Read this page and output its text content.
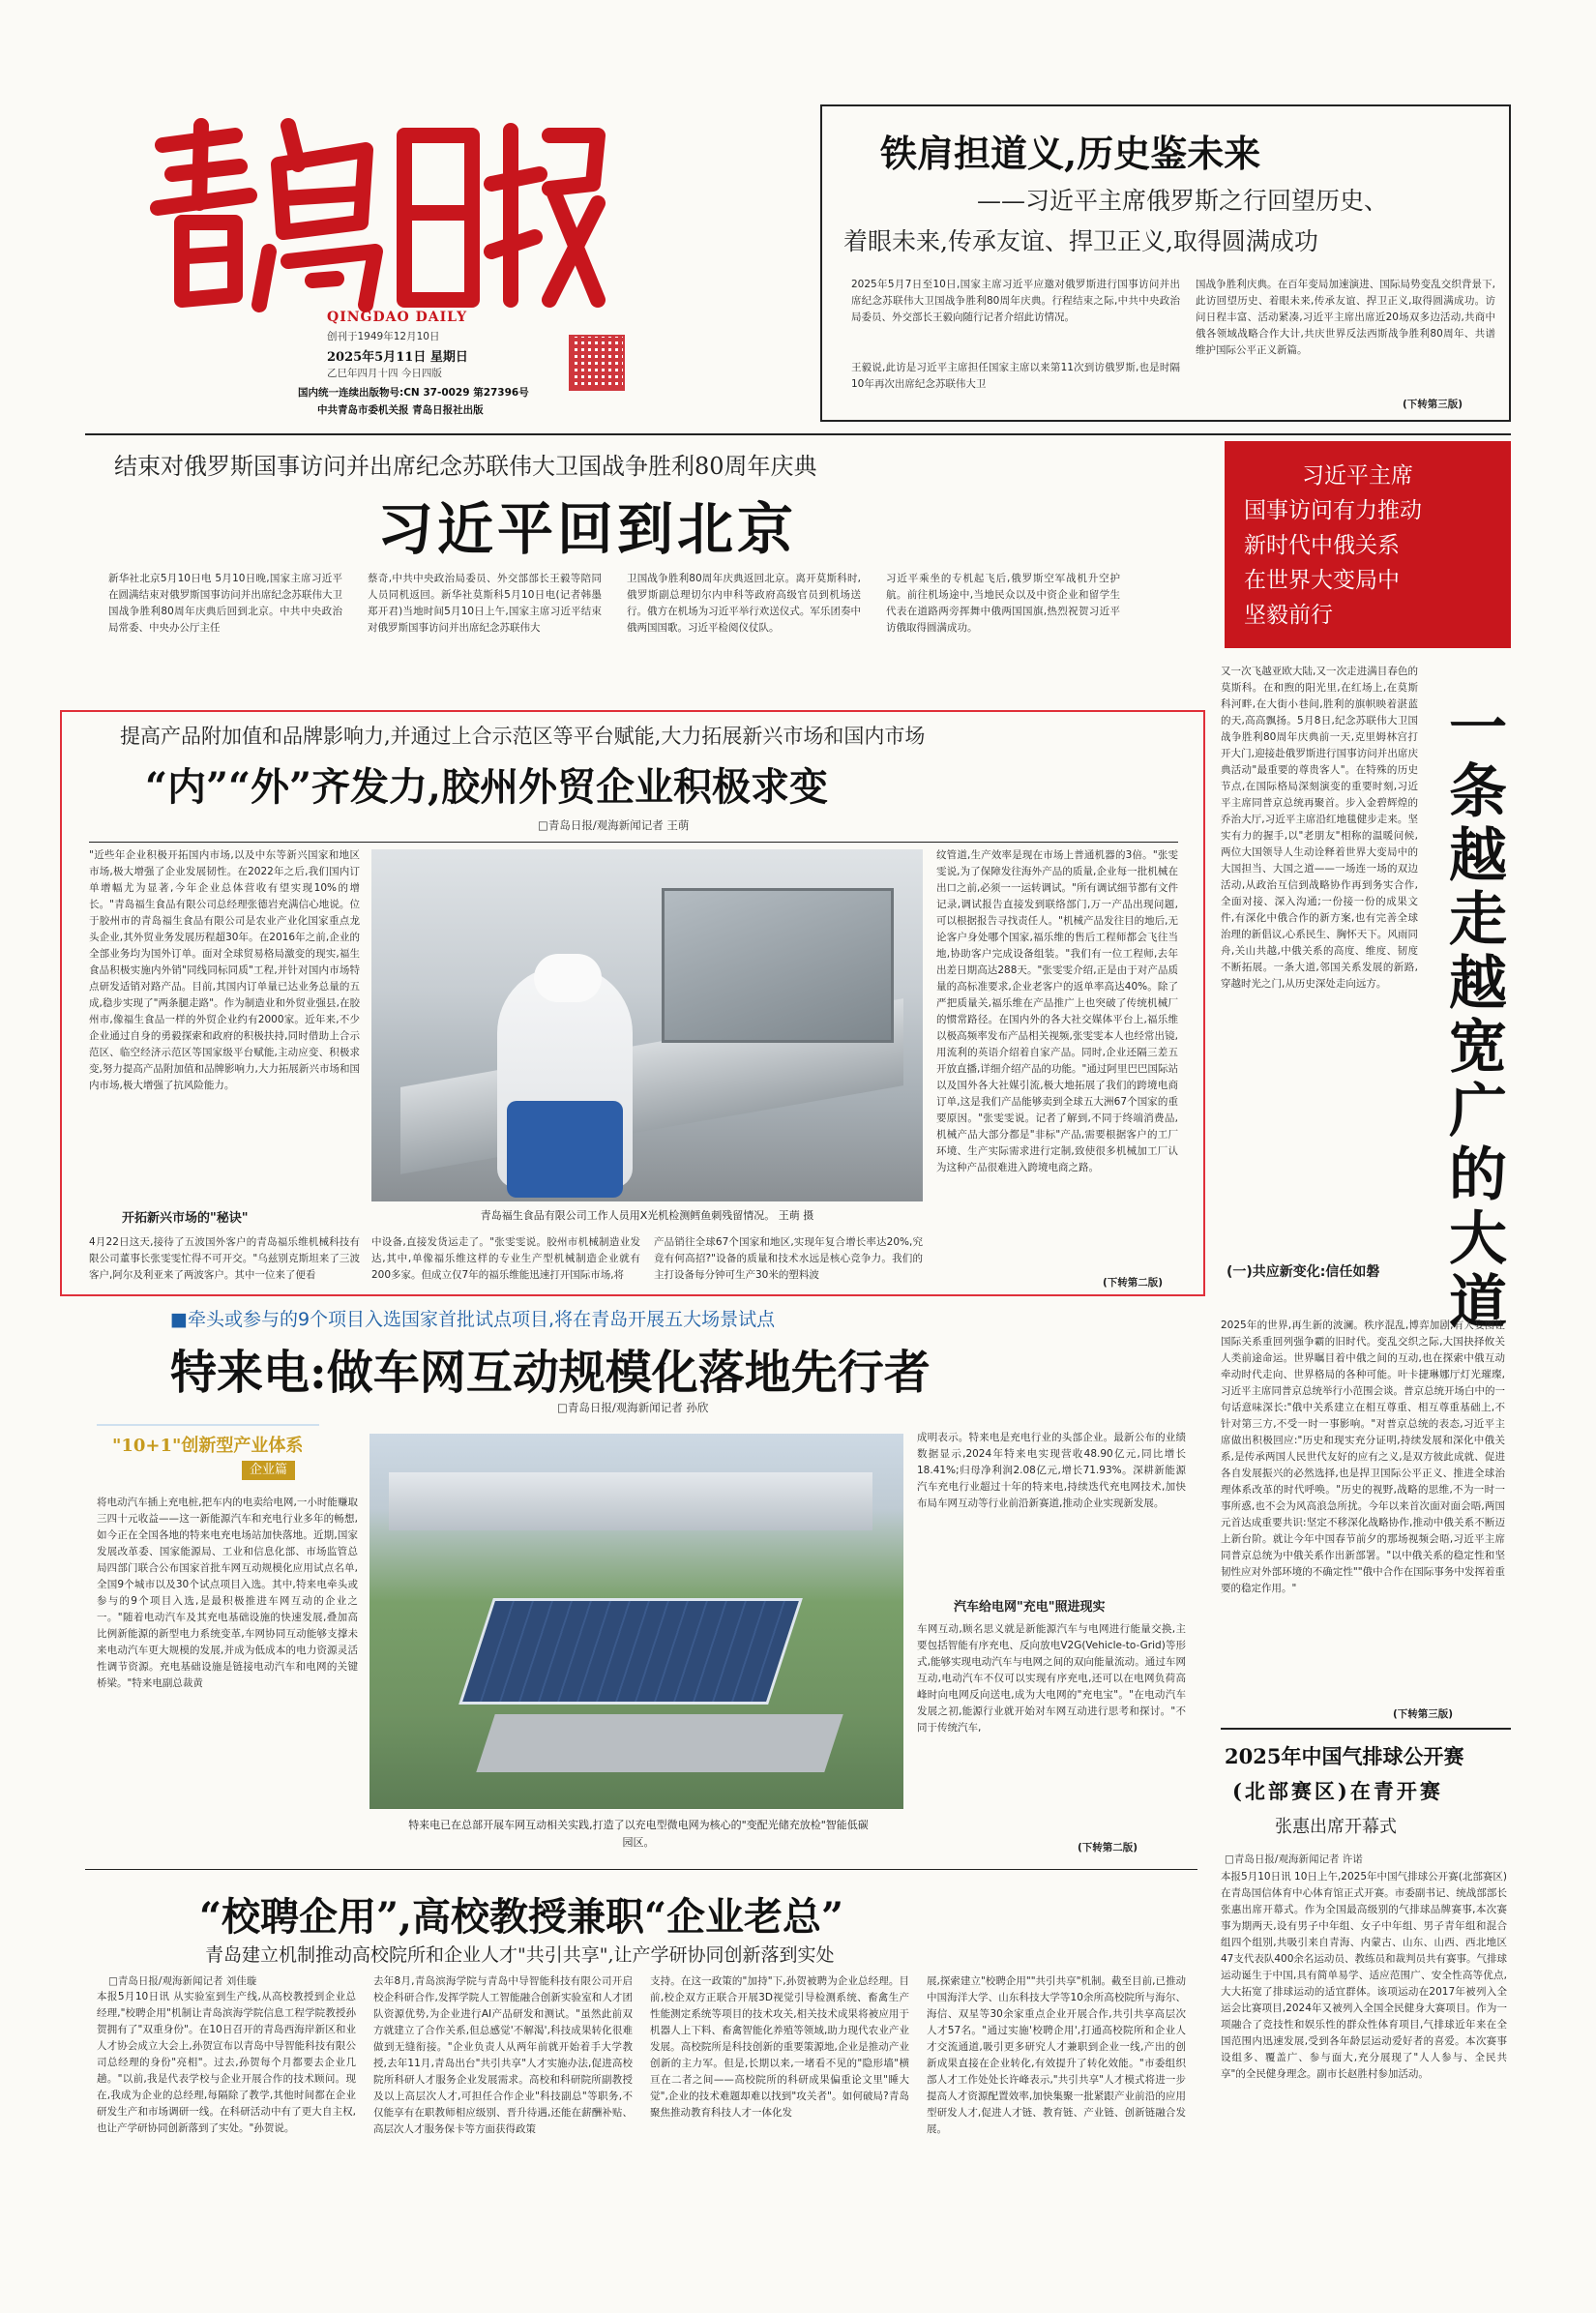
QINGDAO DAILY
创刊于1949年12月10日
2025年5月11日 星期日
乙巳年四月十四 今日四版
国内统一连续出版物号:CN 37-0029 第27396号
中共青岛市委机关报 青岛日报社出版
铁肩担道义,历史鉴未来
——习近平主席俄罗斯之行回望历史、
着眼未来,传承友谊、捍卫正义,取得圆满成功
2025年5月7日至10日,国家主席习近平应邀对俄罗斯进行国事访问并出席纪念苏联伟大卫国战争胜利80周年庆典。行程结束之际,中共中央政治局委员、外交部长王毅向随行记者介绍此访情况。
王毅说,此访是习近平主席担任国家主席以来第11次到访俄罗斯,也是时隔10年再次出席纪念苏联伟大卫
国战争胜利庆典。在百年变局加速演进、国际局势变乱交织背景下,此访回望历史、着眼未来,传承友谊、捍卫正义,取得圆满成功。访问日程丰富、活动紧凑,习近平主席出席近20场双多边活动,共商中俄各领域战略合作大计,共庆世界反法西斯战争胜利80周年、共谱维护国际公平正义新篇。
(下转第三版)
结束对俄罗斯国事访问并出席纪念苏联伟大卫国战争胜利80周年庆典
习近平回到北京
新华社北京5月10日电 5月10日晚,国家主席习近平在圆满结束对俄罗斯国事访问并出席纪念苏联伟大卫国战争胜利80周年庆典后回到北京。中共中央政治局常委、中央办公厅主任
蔡奇,中共中央政治局委员、外交部部长王毅等陪同人员同机返回。新华社莫斯科5月10日电(记者韩墨 郑开君)当地时间5月10日上午,国家主席习近平结束对俄罗斯国事访问并出席纪念苏联伟大
卫国战争胜利80周年庆典返回北京。离开莫斯科时,俄罗斯副总理切尔内申科等政府高级官员到机场送行。俄方在机场为习近平举行欢送仪式。军乐团奏中俄两国国歌。习近平检阅仪仗队。
习近平乘坐的专机起飞后,俄罗斯空军战机升空护航。前往机场途中,当地民众以及中资企业和留学生代表在道路两旁挥舞中俄两国国旗,热烈祝贺习近平访俄取得圆满成功。
习近平主席
国事访问有力推动
新时代中俄关系
在世界大变局中
坚毅前行
一条越走越宽广的大道
又一次飞越亚欧大陆,又一次走进满目春色的莫斯科。在和煦的阳光里,在红场上,在莫斯科河畔,在大街小巷间,胜利的旗帜映着湛蓝的天,高高飘扬。5月8日,纪念苏联伟大卫国战争胜利80周年庆典前一天,克里姆林宫打开大门,迎接赴俄罗斯进行国事访问并出席庆典活动"最重要的尊贵客人"。在特殊的历史节点,在国际格局深刻演变的重要时刻,习近平主席同普京总统再聚首。步入金碧辉煌的乔治大厅,习近平主席沿红地毯健步走来。坚实有力的握手,以"老朋友"相称的温暖问候,两位大国领导人生动诠释着世界大变局中的大国担当、大国之道——一场连一场的双边活动,从政治互信到战略协作再到务实合作,全面对接、深入沟通;一份接一份的成果文件,有深化中俄合作的新方案,也有完善全球治理的新倡议,心系民生、胸怀天下。风雨同舟,关山共越,中俄关系的高度、维度、韧度不断拓展。一条大道,邻国关系发展的新路,穿越时光之门,从历史深处走向远方。
(一)共应新变化:信任如磐
2025年的世界,再生新的波澜。秩序混乱,博弈加剧,有人妄图让国际关系重回列强争霸的旧时代。变乱交织之际,大国抉择攸关人类前途命运。世界瞩目着中俄之间的互动,也在探索中俄互动牵动时代走向、世界格局的各种可能。叶卡捷琳娜厅灯光璀璨,习近平主席同普京总统举行小范围会谈。普京总统开场白中的一句话意味深长:"俄中关系建立在相互尊重、相互尊重基础上,不针对第三方,不受一时一事影响。"对普京总统的表态,习近平主席做出积极回应:"历史和现实充分证明,持续发展和深化中俄关系,是传承两国人民世代友好的应有之义,是双方彼此成就、促进各自发展振兴的必然选择,也是捍卫国际公平正义、推进全球治理体系改革的时代呼唤。"历史的视野,战略的思维,不为一时一事所惑,也不会为风高浪急所扰。今年以来首次面对面会晤,两国元首达成重要共识:坚定不移深化战略协作,推动中俄关系不断迈上新台阶。就让今年中国春节前夕的那场视频会晤,习近平主席同普京总统为中俄关系作出新部署。"以中俄关系的稳定性和坚韧性应对外部环境的不确定性""俄中合作在国际事务中发挥着重要的稳定作用。"
(下转第三版)
提高产品附加值和品牌影响力,并通过上合示范区等平台赋能,大力拓展新兴市场和国内市场
“内”“外”齐发力,胶州外贸企业积极求变
□青岛日报/观海新闻记者 王萌
"近些年企业积极开拓国内市场,以及中东等新兴国家和地区市场,极大增强了企业发展韧性。在2022年之后,我们国内订单增幅尤为显著,今年企业总体营收有望实现10%的增长。"青岛福生食品有限公司总经理张德岩充满信心地说。位于胶州市的青岛福生食品有限公司是农业产业化国家重点龙头企业,其外贸业务发展历程超30年。在2016年之前,企业的全部业务均为国外订单。面对全球贸易格局激变的现实,福生食品积极实施内外销"同线同标同质"工程,并针对国内市场特点研发适销对路产品。目前,其国内订单量已达业务总量的五成,稳步实现了"两条腿走路"。作为制造业和外贸业强县,在胶州市,像福生食品一样的外贸企业约有2000家。近年来,不少企业通过自身的勇毅探索和政府的积极扶持,同时借助上合示范区、临空经济示范区等国家级平台赋能,主动应变、积极求变,努力提高产品附加值和品牌影响力,大力拓展新兴市场和国内市场,极大增强了抗风险能力。
开拓新兴市场的"秘诀"
4月22日这天,接待了五波国外客户的青岛福乐维机械科技有限公司董事长张雯雯忙得不可开交。"乌兹别克斯坦来了三波客户,阿尔及利亚来了两波客户。其中一位来了便看
青岛福生食品有限公司工作人员用X光机检测鳕鱼刺残留情况。 王萌 摄
中设备,直接发货运走了。"张雯雯说。胶州市机械制造业发达,其中,单像福乐维这样的专业生产型机械制造企业就有200多家。但成立仅7年的福乐维能迅速打开国际市场,将
产品销往全球67个国家和地区,实现年复合增长率达20%,究竟有何高招?"设备的质量和技术水远是核心竞争力。我们的主打设备每分钟可生产30米的塑料波
纹管道,生产效率是现在市场上普通机器的3倍。"张雯雯说,为了保障发往海外产品的质量,企业每一批机械在出口之前,必须一一运转调试。"所有调试细节都有文件记录,调试报告直接发到联络部门,万一产品出现问题,可以根据报告寻找责任人。"机械产品发往目的地后,无论客户身处哪个国家,福乐维的售后工程师都会飞往当地,协助客户完成设备组装。"我们有一位工程师,去年出差日期高达288天。"张雯雯介绍,正是由于对产品质量的高标准要求,企业老客户的返单率高达40%。除了严把质量关,福乐维在产品推广上也突破了传统机械厂的惯常路径。在国内外的各大社交媒体平台上,福乐维以极高频率发布产品相关视频,张雯雯本人也经常出镜,用流利的英语介绍着自家产品。同时,企业还隔三差五开放直播,详细介绍产品的功能。"通过阿里巴巴国际站以及国外各大社媒引流,极大地拓展了我们的跨境电商订单,这是我们产品能够卖到全球五大洲67个国家的重要原因。"张雯雯说。记者了解到,不同于终端消费品,机械产品大部分都是"非标"产品,需要根据客户的工厂环境、生产实际需求进行定制,致使很多机械加工厂认为这种产品很难进入跨境电商之路。
(下转第二版)
■牵头或参与的9个项目入选国家首批试点项目,将在青岛开展五大场景试点
特来电:做车网互动规模化落地先行者
□青岛日报/观海新闻记者 孙欣
"10+1"创新型产业体系
企业篇
将电动汽车插上充电桩,把车内的电卖给电网,一小时能赚取三四十元收益——这一新能源汽车和充电行业多年的畅想,如今正在全国各地的特来电充电场站加快落地。近期,国家发展改革委、国家能源局、工业和信息化部、市场监管总局四部门联合公布国家首批车网互动规模化应用试点名单,全国9个城市以及30个试点项目入选。其中,特来电牵头或参与的9个项目入选,是最积极推进车网互动的企业之一。"随着电动汽车及其充电基础设施的快速发展,叠加高比例新能源的新型电力系统变革,车网协同互动能够支撑未来电动汽车更大规模的发展,并成为低成本的电力资源灵活性调节资源。充电基础设施是链接电动汽车和电网的关键桥梁。"特来电副总裁黄
特来电已在总部开展车网互动相关实践,打造了以充电型微电网为核心的"变配光储充放检"智能低碳园区。
成明表示。特来电是充电行业的头部企业。最新公布的业绩数据显示,2024年特来电实现营收48.90亿元,同比增长18.41%;归母净利润2.08亿元,增长71.93%。深耕新能源汽车充电行业超过十年的特来电,持续迭代充电网技术,加快布局车网互动等行业前沿新赛道,推动企业实现新发展。
汽车给电网"充电"照进现实
车网互动,顾名思义就是新能源汽车与电网进行能量交换,主要包括智能有序充电、反向放电V2G(Vehicle-to-Grid)等形式,能够实现电动汽车与电网之间的双向能量流动。通过车网互动,电动汽车不仅可以实现有序充电,还可以在电网负荷高峰时向电网反向送电,成为大电网的"充电宝"。"在电动汽车发展之初,能源行业就开始对车网互动进行思考和探讨。"不同于传统汽车,
(下转第二版)
2025年中国气排球公开赛
(北部赛区)在青开赛
张惠出席开幕式
□青岛日报/观海新闻记者 许诺
本报5月10日讯 10日上午,2025年中国气排球公开赛(北部赛区)在青岛国信体育中心体育馆正式开赛。市委副书记、统战部部长张惠出席开幕式。作为全国最高级别的气排球品牌赛事,本次赛事为期两天,设有男子中年组、女子中年组、男子青年组和混合组四个组别,共吸引来自青海、内蒙古、山东、山西、西北地区47支代表队400余名运动员、教练员和裁判员共有赛事。气排球运动诞生于中国,具有简单易学、适应范围广、安全性高等优点,大大拓宽了排球运动的适宜群体。该项运动在2017年被列入全运会比赛项目,2024年又被列入全国全民健身大赛项目。作为一项融合了竞技性和娱乐性的群众性体育项目,气排球近年来在全国范围内迅速发展,受到各年龄层运动爱好者的喜爱。本次赛事设组多、覆盖广、参与面大,充分展现了"人人参与、全民共享"的全民健身理念。副市长赵胜村参加活动。
“校聘企用”,高校教授兼职“企业老总”
青岛建立机制推动高校院所和企业人才"共引共享",让产学研协同创新落到实处
□青岛日报/观海新闻记者 刘佳璇
本报5月10日讯 从实验室到生产线,从高校教授到企业总经理,"校聘企用"机制让青岛滨海学院信息工程学院教授孙贺拥有了"双重身份"。在10日召开的青岛西海岸新区和业人才协会成立大会上,孙贺宣布以青岛中导智能科技有限公司总经理的身份"亮相"。过去,孙贺每个月都要去企业几趟。"以前,我是代表学校与企业开展合作的技术顾问。现在,我成为企业的总经理,每隔除了教学,其他时间都在企业研发生产和市场调研一线。在科研活动中有了更大自主权,也让产学研协同创新落到了实处。"孙贺说。
去年8月,青岛滨海学院与青岛中导智能科技有限公司开启校企科研合作,发挥学院人工智能融合创新实验室和人才团队资源优势,为企业进行AI产品研发和测试。"虽然此前双方就建立了合作关系,但总感觉'不解渴',科技成果转化很难做到无缝衔接。"企业负责人从两年前就开始着手大学教授,去年11月,青岛出台"共引共享"人才实施办法,促进高校院所科研人才服务企业发展需求。高校和科研院所副教授及以上高层次人才,可担任合作企业"科技副总"等职务,不仅能享有在职教师相应级别、晋升待遇,还能在薪酬补贴、高层次人才服务保卡等方面获得政策
支持。在这一政策的"加持"下,孙贺被聘为企业总经理。目前,校企双方正联合开展3D视觉引导检测系统、畜禽生产性能测定系统等项目的技术攻关,相关技术成果将被应用于机器人上下料、畜禽智能化养殖等领域,助力现代农业产业发展。高校院所是科技创新的重要策源地,企业是推动产业创新的主力军。但是,长期以来,一堵看不见的"隐形墙"横亘在二者之间——高校院所的科研成果偏重论文里"睡大觉",企业的技术难题却难以找到"攻关者"。如何破局?青岛聚焦推动教育科技人才一体化发
展,探索建立"校聘企用""共引共享"机制。截至目前,已推动中国海洋大学、山东科技大学等10余所高校院所与海尔、海信、双星等30余家重点企业开展合作,共引共享高层次人才57名。"通过实施'校聘企用',打通高校院所和企业人才交流通道,吸引更多研究人才兼职到企业一线,产出的创新成果直接在企业转化,有效提升了转化效能。"市委组织部人才工作处处长许峰表示,"共引共享"人才模式将进一步提高人才资源配置效率,加快集聚一批紧跟产业前沿的应用型研发人才,促进人才链、教育链、产业链、创新链融合发展。
